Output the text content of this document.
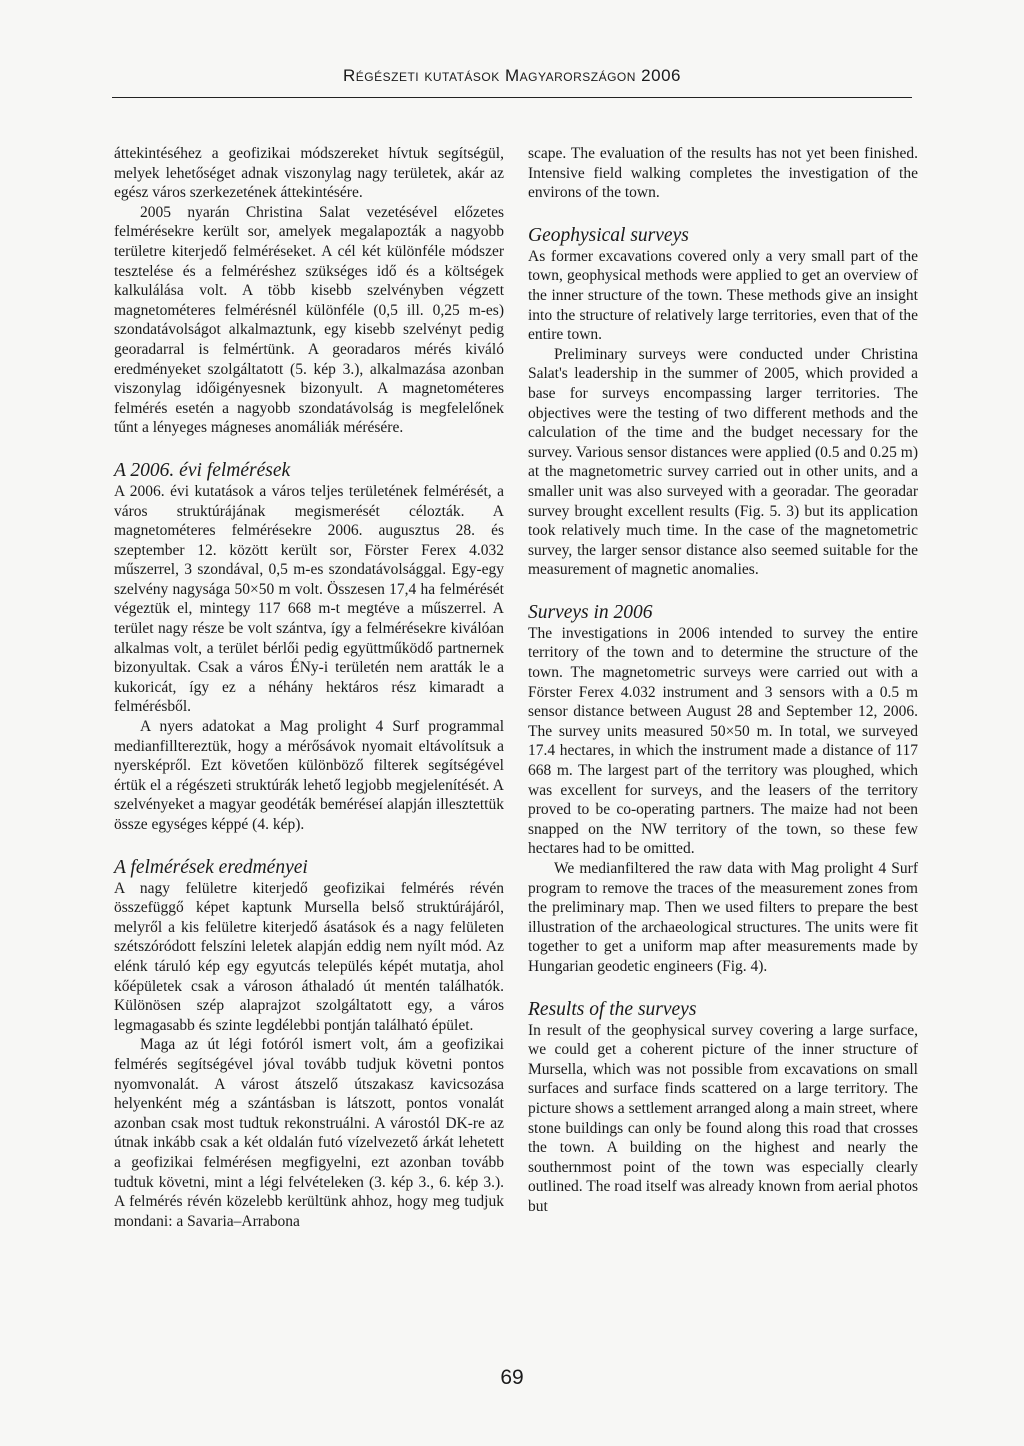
Régészeti kutatások Magyarországon 2006

áttekintéséhez a geofizikai módszereket hívtuk segítségül, melyek lehetőséget adnak viszonylag nagy területek, akár az egész város szerkezetének áttekintésére.

2005 nyarán Christina Salat vezetésével előzetes felmérésekre került sor, amelyek megalapozták a nagyobb területre kiterjedő felméréseket. A cél két különféle módszer tesztelése és a felméréshez szükséges idő és a költségek kalkulálása volt. A több kisebb szelvényben végzett magnetométeres felmérésnél különféle (0,5 ill. 0,25 m-es) szondatávolságot alkalmaztunk, egy kisebb szelvényt pedig georadarral is felmértünk. A georadaros mérés kiváló eredményeket szolgáltatott (5. kép 3.), alkalmazása azonban viszonylag időigényesnek bizonyult. A magnetométeres felmérés esetén a nagyobb szondatávolság is megfelelőnek tűnt a lényeges mágneses anomáliák mérésére.

A 2006. évi felmérések

A 2006. évi kutatások a város teljes területének felmérését, a város struktúrájának megismerését célozták. A magnetométeres felmérésekre 2006. augusztus 28. és szeptember 12. között került sor, Förster Ferex 4.032 műszerrel, 3 szondával, 0,5 m-es szondatávolsággal. Egy-egy szelvény nagysága 50×50 m volt. Összesen 17,4 ha felmérését végeztük el, mintegy 117 668 m-t megtéve a műszerrel. A terület nagy része be volt szántva, így a felmérésekre kiválóan alkalmas volt, a terület bérlői pedig együttműködő partnernek bizonyultak. Csak a város ÉNy-i területén nem aratták le a kukoricát, így ez a néhány hektáros rész kimaradt a felmérésből.

A nyers adatokat a Mag prolight 4 Surf programmal medianfilltereztük, hogy a mérősávok nyomait eltávolítsuk a nyersképről. Ezt követően különböző filterek segítségével értük el a régészeti struktúrák lehető legjobb megjelenítését. A szelvényeket a magyar geodéták beméréseí alapján illesztettük össze egységes képpé (4. kép).

A felmérések eredményei

A nagy felületre kiterjedő geofizikai felmérés révén összefüggő képet kaptunk Mursella belső struktúrájáról, melyről a kis felületre kiterjedő ásatások és a nagy felületen szétszóródott felszíni leletek alapján eddig nem nyílt mód. Az elénk táruló kép egy egyutcás település képét mutatja, ahol kőépületek csak a városon áthaladó út mentén találhatók. Különösen szép alaprajzot szolgáltatott egy, a város legmagasabb és szinte legdélebbi pontján található épület.

Maga az út légi fotóról ismert volt, ám a geofizikai felmérés segítségével jóval tovább tudjuk követni pontos nyomvonalát. A várost átszelő útszakasz kavicsozása helyenként még a szántásban is látszott, pontos vonalát azonban csak most tudtuk rekonstruálni. A várostól DK-re az útnak inkább csak a két oldalán futó vízelvezető árkát lehetett a geofizikai felmérésen megfigyelni, ezt azonban tovább tudtuk követni, mint a légi felvételeken (3. kép 3., 6. kép 3.). A felmérés révén közelebb kerültünk ahhoz, hogy meg tudjuk mondani: a Savaria–Arrabona

scape. The evaluation of the results has not yet been finished. Intensive field walking completes the investigation of the environs of the town.

Geophysical surveys

As former excavations covered only a very small part of the town, geophysical methods were applied to get an overview of the inner structure of the town. These methods give an insight into the structure of relatively large territories, even that of the entire town.

Preliminary surveys were conducted under Christina Salat's leadership in the summer of 2005, which provided a base for surveys encompassing larger territories. The objectives were the testing of two different methods and the calculation of the time and the budget necessary for the survey. Various sensor distances were applied (0.5 and 0.25 m) at the magnetometric survey carried out in other units, and a smaller unit was also surveyed with a georadar. The georadar survey brought excellent results (Fig. 5. 3) but its application took relatively much time. In the case of the magnetometric survey, the larger sensor distance also seemed suitable for the measurement of magnetic anomalies.

Surveys in 2006

The investigations in 2006 intended to survey the entire territory of the town and to determine the structure of the town. The magnetometric surveys were carried out with a Förster Ferex 4.032 instrument and 3 sensors with a 0.5 m sensor distance between August 28 and September 12, 2006. The survey units measured 50×50 m. In total, we surveyed 17.4 hectares, in which the instrument made a distance of 117 668 m. The largest part of the territory was ploughed, which was excellent for surveys, and the leasers of the territory proved to be co-operating partners. The maize had not been snapped on the NW territory of the town, so these few hectares had to be omitted.

We medianfiltered the raw data with Mag prolight 4 Surf program to remove the traces of the measurement zones from the preliminary map. Then we used filters to prepare the best illustration of the archaeological structures. The units were fit together to get a uniform map after measurements made by Hungarian geodetic engineers (Fig. 4).

Results of the surveys

In result of the geophysical survey covering a large surface, we could get a coherent picture of the inner structure of Mursella, which was not possible from excavations on small surfaces and surface finds scattered on a large territory. The picture shows a settlement arranged along a main street, where stone buildings can only be found along this road that crosses the town. A building on the highest and nearly the southernmost point of the town was especially clearly outlined. The road itself was already known from aerial photos but

69
